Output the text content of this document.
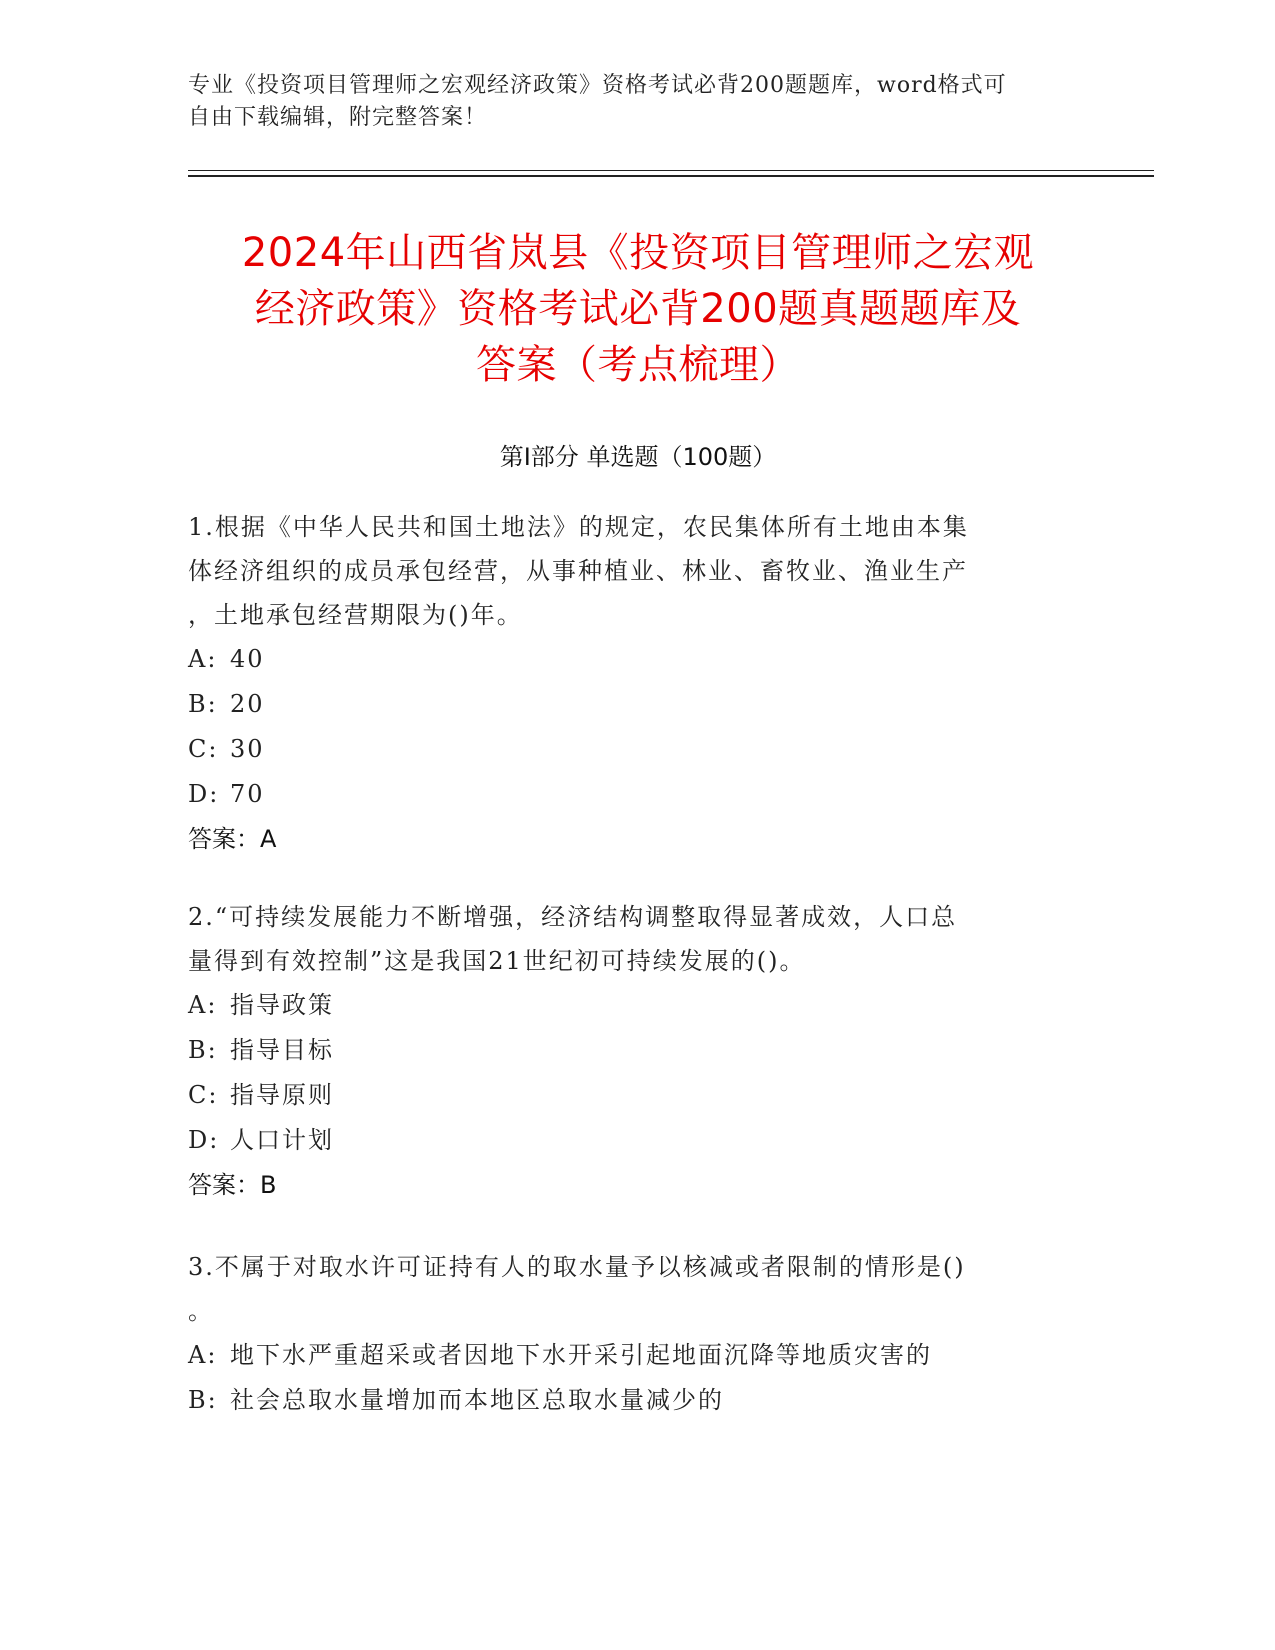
专业《投资项目管理师之宏观经济政策》资格考试必背200题题库，word格式可
自由下载编辑，附完整答案！
2024年山西省岚县《投资项目管理师之宏观
经济政策》资格考试必背200题真题题库及
答案（考点梳理）
第Ⅰ部分 单选题（100题）
1.根据《中华人民共和国土地法》的规定，农民集体所有土地由本集
体经济组织的成员承包经营，从事种植业、林业、畜牧业、渔业生产
，土地承包经营期限为()年。
A: 40
B: 20
C: 30
D: 70
答案：A
2.“可持续发展能力不断增强，经济结构调整取得显著成效，人口总
量得到有效控制”这是我国21世纪初可持续发展的()。
A: 指导政策
B: 指导目标
C: 指导原则
D: 人口计划
答案：B
3.不属于对取水许可证持有人的取水量予以核减或者限制的情形是()
。
A: 地下水严重超采或者因地下水开采引起地面沉降等地质灾害的
B: 社会总取水量增加而本地区总取水量减少的
